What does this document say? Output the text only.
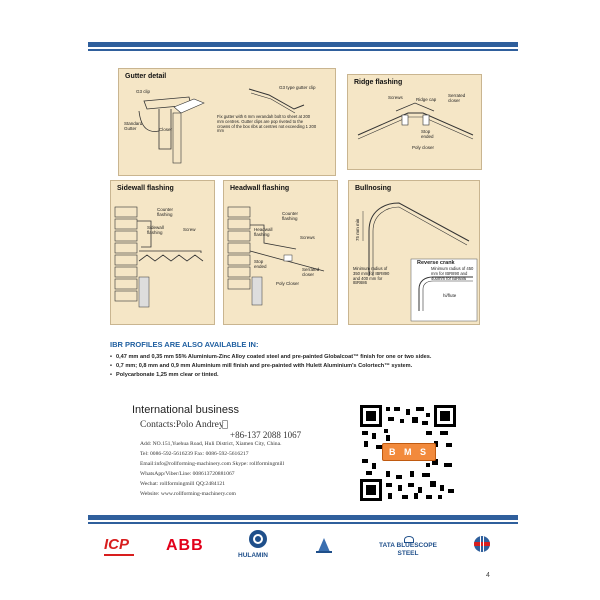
Gutter detail
G3 clip
G3 type gutter clip
Standard Gutter	Closer
Fix gutter with 6 mm verandah bolt to sheet at 200 mm centres. Gutter clips are pop riveted to the crowns of the box ribs at centres not exceeding 1 200 mm
Ridge flashing
Screws	Ridge cap
Serrated closer
Stop ended
Poly closer
Sidewall flashing
Counter flashing
Sidewall flashing
Screw
Headwall flashing
Counter flashing
Headwall flashing
Screws
Stop ended
Serrated closer
Poly Closer
Bullnosing
75 mm min
Minimum radius of 350 mm for IBR890 and 400 mm for IBR686
Reverse crank
Minimum radius of 450 mm for IBR890 and 400mm for IBR686
hi/flute
IBR PROFILES ARE ALSO AVAILABLE IN:
• 0,47 mm and 0,35 mm 55% Aluminium-Zinc Alloy coated steel and pre-painted Globalcoat™ finish for one or two sides.
• 0,7 mm; 0,8 mm and 0,9 mm Aluminium mill finish and pre-painted with Hulett Aluminium's Colortech™ system.
• Polycarbonate 1,25 mm clear or tinted.
International business
Contacts:Polo Andrey
+86-137 2088 1067
Add: NO.151,Yuehua Road, Huli District, Xiamen City, China.
Tel: 0086-592-5616239 Fax: 0086-592-5616217
Email:info@rollforming-machinery.com Skype: rollformingmill
WhatsApp/Viber/Line: 008613720881067
Wechat: rollformingmill QQ:2484121
Website: www.rollforming-machinery.com
B M S
ICP ABB
HULAMIN
TATA BLUESCOPE
STEEL
4
